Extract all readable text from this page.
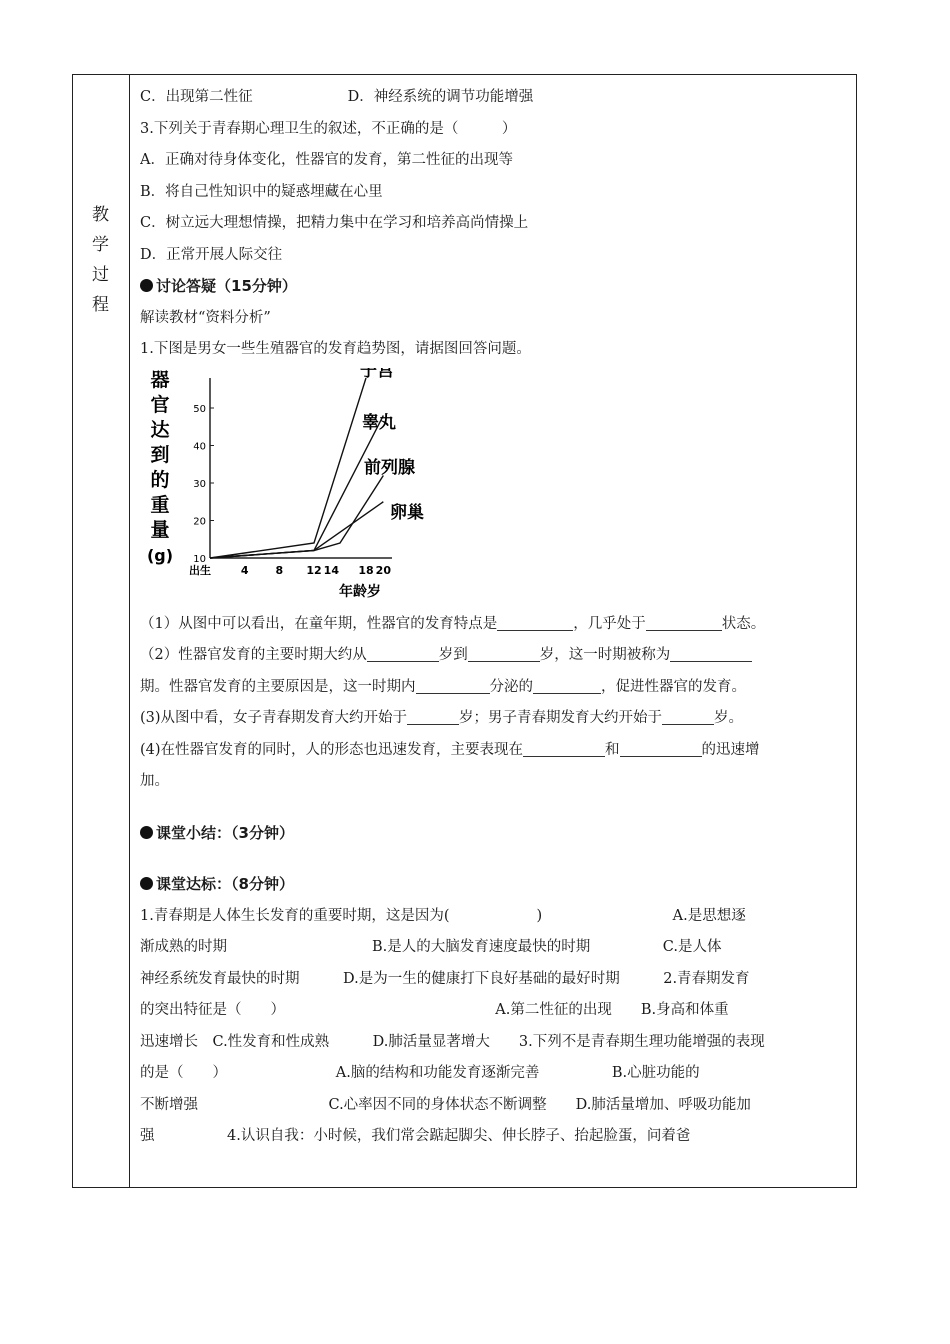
教
学
过
程
C．出现第二性征	D．神经系统的调节功能增强
3.下列关于青春期心理卫生的叙述，不正确的是（　　　）
A．正确对待身体变化，性器官的发育，第二性征的出现等
B．将自己性知识中的疑惑埋藏在心里
C．树立远大理想情操，把精力集中在学习和培养高尚情操上
D．正常开展人际交往
讨论答疑（15分钟）
解读教材“资料分析”
1.下图是男女一些生殖器官的发育趋势图，请据图回答问题。
器
官
达
到
的
重
量
(g) 10
20
30
40
50
出生	4 8 12 14 18 20
年龄岁
子宫
睾丸
前列腺
卵巢
（1）从图中可以看出，在童年期，性器官的发育特点是	，几乎处于	状态。
（2）性器官发育的主要时期大约从	岁到	岁，这一时期被称为
期。性器官发育的主要原因是，这一时期内	分泌的	，促进性器官的发育。
(3)从图中看，女子青春期发育大约开始于	岁；男子青春期发育大约开始于	岁。
(4)在性器官发育的同时，人的形态也迅速发育，主要表现在	和	的迅速增
加。
课堂小结：（3分钟）
课堂达标：（8分钟）
1.青春期是人体生长发育的重要时期，这是因为(　　　　　　)　　　　　　　　　A.是思想逐
渐成熟的时期　　　　　　　　　　B.是人的大脑发育速度最快的时期　　　　　C.是人体
神经系统发育最快的时期　　　D.是为一生的健康打下良好基础的最好时期　　　2.青春期发育
的突出特征是（　　）　　　　　　　　　　　　　　　A.第二性征的出现　　B.身高和体重
迅速增长　C.性发育和性成熟　　　D.肺活量显著增大　　3.下列不是青春期生理功能增强的表现
的是（　　）　　　　　　　　A.脑的结构和功能发育逐渐完善　　　　　B.心脏功能的
不断增强　　　　　　　　　C.心率因不同的身体状态不断调整　　D.肺活量增加、呼吸功能加
强　　　　　4.认识自我：小时候，我们常会踮起脚尖、伸长脖子、抬起脸蛋，问着爸
